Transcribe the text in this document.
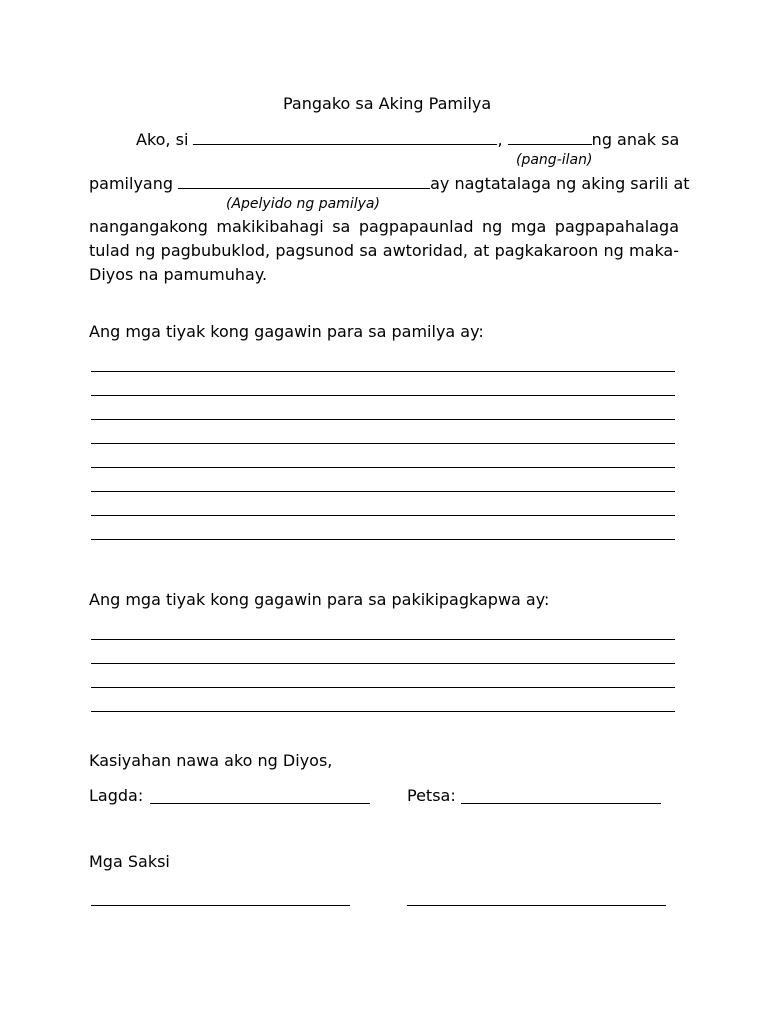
Pangako sa Aking Pamilya
Ako, si	,	ng anak sa
(pang-ilan)
pamilyang	ay nagtatalaga ng aking sarili at
(Apelyido ng pamilya)
nangangakong makikibahagi sa pagpapaunlad ng mga pagpapahalaga tulad ng pagbubuklod, pagsunod sa awtoridad, at pagkakaroon ng maka-Diyos na pamumuhay.
Ang mga tiyak kong gagawin para sa pamilya ay:
Ang mga tiyak kong gagawin para sa pakikipagkapwa ay:
Kasiyahan nawa ako ng Diyos,
Lagda:	Petsa:
Mga Saksi
